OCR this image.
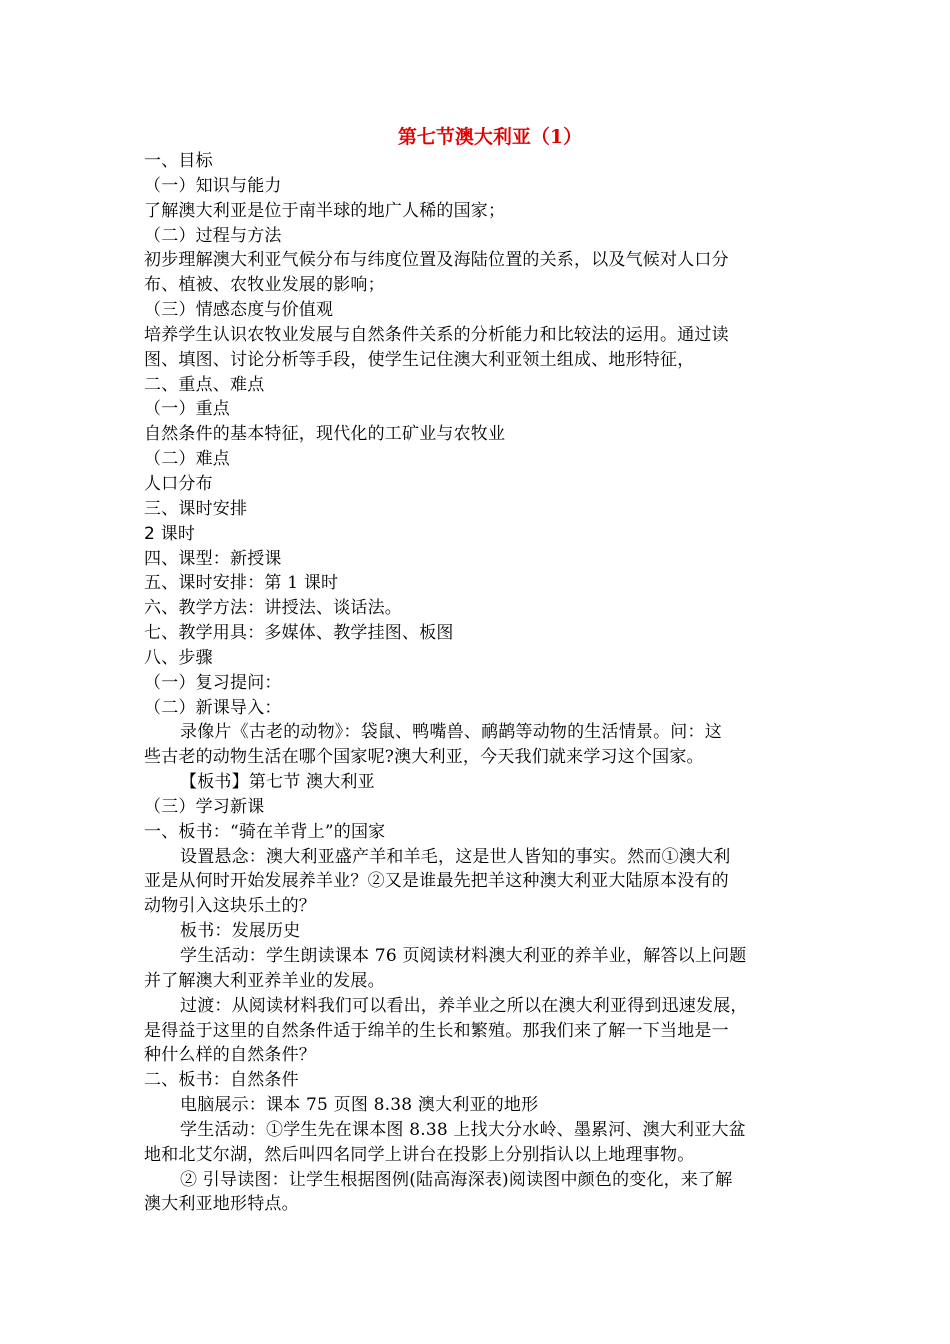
第七节澳大利亚（1）
一、目标
（一）知识与能力
了解澳大利亚是位于南半球的地广人稀的国家；
（二）过程与方法
初步理解澳大利亚气候分布与纬度位置及海陆位置的关系，以及气候对人口分
布、植被、农牧业发展的影响；
（三）情感态度与价值观
培养学生认识农牧业发展与自然条件关系的分析能力和比较法的运用。通过读
图、填图、讨论分析等手段，使学生记住澳大利亚领土组成、地形特征，
二、重点、难点
（一）重点
自然条件的基本特征，现代化的工矿业与农牧业
（二）难点
人口分布
三、课时安排
2 课时
四、课型：新授课
五、课时安排：第 1 课时
六、教学方法：讲授法、谈话法。
七、教学用具：多媒体、教学挂图、板图
八、步骤
（一）复习提问：
（二）新课导入：
录像片《古老的动物》：袋鼠、鸭嘴兽、鸸鹋等动物的生活情景。问：这
些古老的动物生活在哪个国家呢?澳大利亚，今天我们就来学习这个国家。
【板书】第七节 澳大利亚
（三）学习新课
一、板书：“骑在羊背上”的国家
设置悬念：澳大利亚盛产羊和羊毛，这是世人皆知的事实。然而①澳大利
亚是从何时开始发展养羊业？②又是谁最先把羊这种澳大利亚大陆原本没有的
动物引入这块乐土的？
板书：发展历史
学生活动：学生朗读课本 76 页阅读材料澳大利亚的养羊业，解答以上问题
并了解澳大利亚养羊业的发展。
过渡：从阅读材料我们可以看出，养羊业之所以在澳大利亚得到迅速发展，
是得益于这里的自然条件适于绵羊的生长和繁殖。那我们来了解一下当地是一
种什么样的自然条件？
二、板书：自然条件
电脑展示：课本 75 页图 8.38 澳大利亚的地形
学生活动：①学生先在课本图 8.38 上找大分水岭、墨累河、澳大利亚大盆
地和北艾尔湖，然后叫四名同学上讲台在投影上分别指认以上地理事物。
② 引导读图：让学生根据图例(陆高海深表)阅读图中颜色的变化，来了解
澳大利亚地形特点。
